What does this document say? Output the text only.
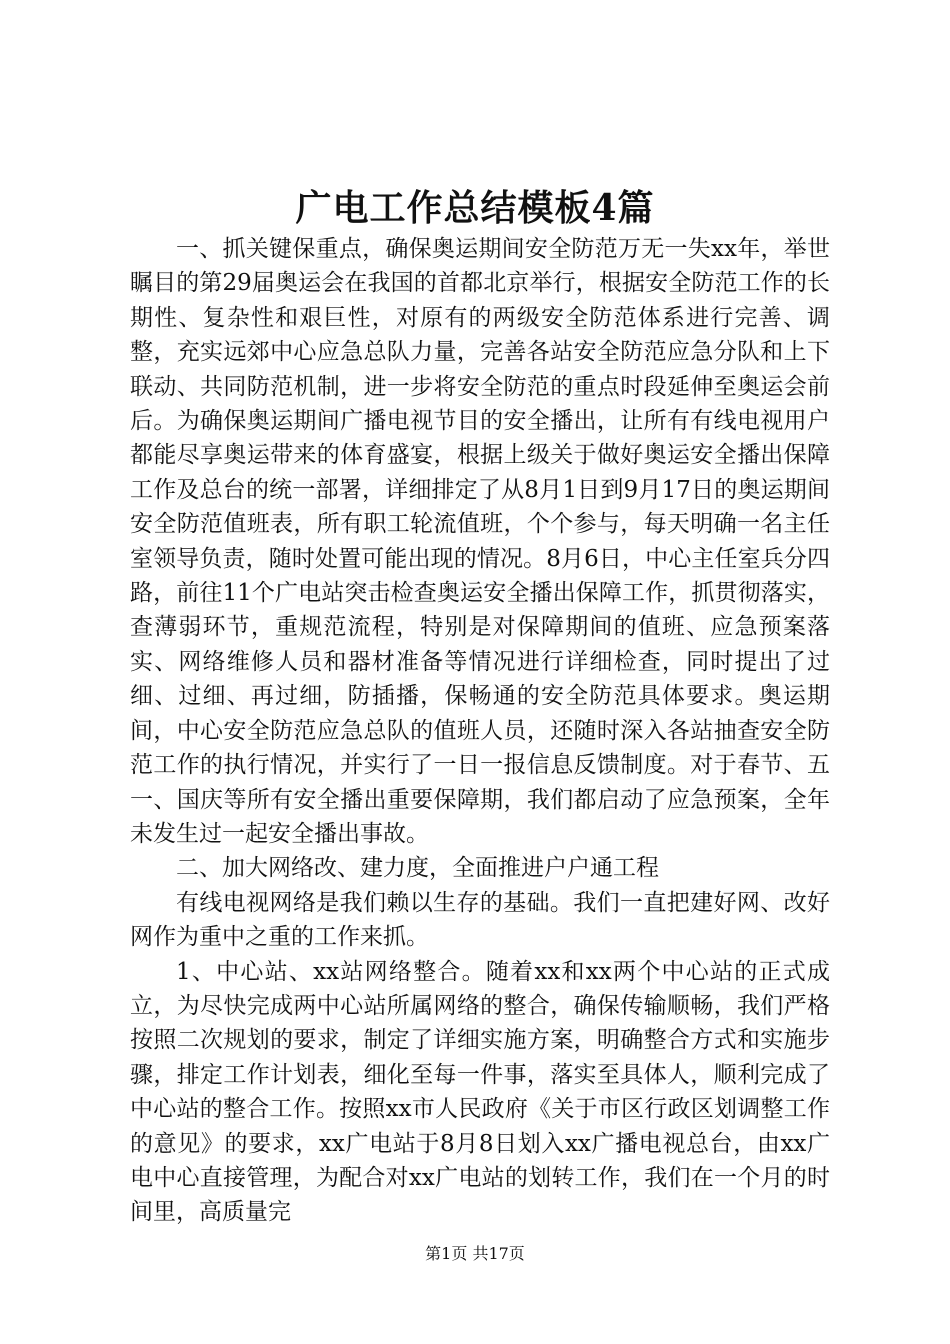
广电工作总结模板4篇

一、抓关键保重点，确保奥运期间安全防范万无一失xx年，举世瞩目的第29届奥运会在我国的首都北京举行，根据安全防范工作的长期性、复杂性和艰巨性，对原有的两级安全防范体系进行完善、调整，充实远郊中心应急总队力量，完善各站安全防范应急分队和上下联动、共同防范机制，进一步将安全防范的重点时段延伸至奥运会前后。为确保奥运期间广播电视节目的安全播出，让所有有线电视用户都能尽享奥运带来的体育盛宴，根据上级关于做好奥运安全播出保障工作及总台的统一部署，详细排定了从8月1日到9月17日的奥运期间安全防范值班表，所有职工轮流值班，个个参与，每天明确一名主任室领导负责，随时处置可能出现的情况。8月6日，中心主任室兵分四路，前往11个广电站突击检查奥运安全播出保障工作，抓贯彻落实，查薄弱环节，重规范流程，特别是对保障期间的值班、应急预案落实、网络维修人员和器材准备等情况进行详细检查，同时提出了过细、过细、再过细，防插播，保畅通的安全防范具体要求。奥运期间，中心安全防范应急总队的值班人员，还随时深入各站抽查安全防范工作的执行情况，并实行了一日一报信息反馈制度。对于春节、五一、国庆等所有安全播出重要保障期，我们都启动了应急预案，全年未发生过一起安全播出事故。

二、加大网络改、建力度，全面推进户户通工程

有线电视网络是我们赖以生存的基础。我们一直把建好网、改好网作为重中之重的工作来抓。

1、中心站、xx站网络整合。随着xx和xx两个中心站的正式成立，为尽快完成两中心站所属网络的整合，确保传输顺畅，我们严格按照二次规划的要求，制定了详细实施方案，明确整合方式和实施步骤，排定工作计划表，细化至每一件事，落实至具体人，顺利完成了中心站的整合工作。按照xx市人民政府《关于市区行政区划调整工作的意见》的要求，xx广电站于8月8日划入xx广播电视总台，由xx广电中心直接管理，为配合对xx广电站的划转工作，我们在一个月的时间里，高质量完

第1页 共17页
